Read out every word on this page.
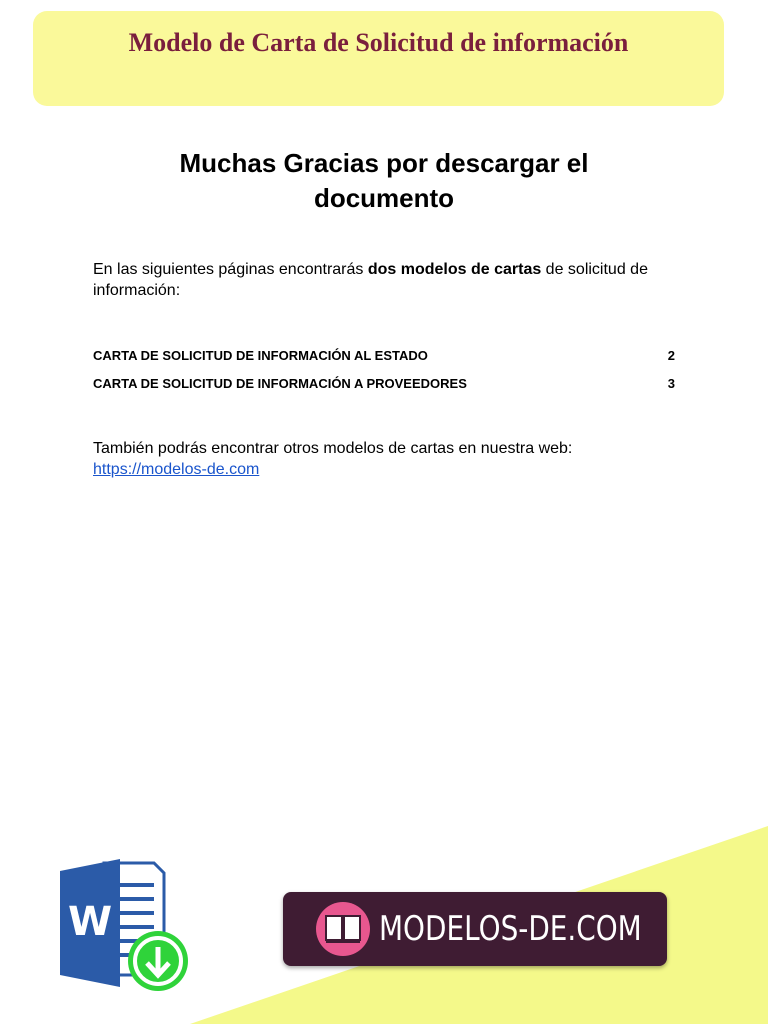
Modelo de Carta de Solicitud de información
Muchas Gracias por descargar el
documento
En las siguientes páginas encontrarás dos modelos de cartas de solicitud de información:
CARTA DE SOLICITUD DE INFORMACIÓN AL ESTADO	2
CARTA DE SOLICITUD DE INFORMACIÓN A PROVEEDORES	3
También podrás encontrar otros modelos de cartas en nuestra web:
https://modelos-de.com
W	MODELOS-DE.COM
